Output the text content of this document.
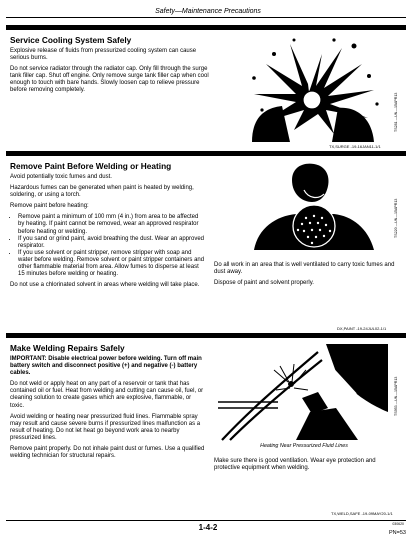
Safety—Maintenance Precautions
Service Cooling System Safely

Explosive release of fluids from pressurized cooling system can cause serious burns.

Do not service radiator through the radiator cap. Only fill through the surge tank filler cap. Shut off engine. Only remove surge tank filler cap when cool enough to touch with bare hands. Slowly loosen cap to relieve pressure before removing completely.

TS281 —UN—15APR13
TX,SURGE -19-16JAN11-1/1
Remove Paint Before Welding or Heating

Avoid potentially toxic fumes and dust.

Hazardous fumes can be generated when paint is heated by welding, soldering, or using a torch.

Remove paint before heating:

• Remove paint a minimum of 100 mm (4 in.) from area to be affected by heating. If paint cannot be removed, wear an approved respirator before heating or welding.
• If you sand or grind paint, avoid breathing the dust. Wear an approved respirator.
• If you use solvent or paint stripper, remove stripper with soap and water before welding. Remove solvent or paint stripper containers and other flammable material from area. Allow fumes to disperse at least 15 minutes before welding or heating.

Do not use a chlorinated solvent in areas where welding will take place.

TS220 —UN—15APR13

Do all work in an area that is well ventilated to carry toxic fumes and dust away.

Dispose of paint and solvent properly.

DX,PAINT -19-24JUL02-1/1
Make Welding Repairs Safely

IMPORTANT: Disable electrical power before welding. Turn off main battery switch and disconnect positive (+) and negative (-) battery cables.

Do not weld or apply heat on any part of a reservoir or tank that has contained oil or fuel. Heat from welding and cutting can cause oil, fuel, or cleaning solution to create gases which are explosive, flammable, or toxic.

Avoid welding or heating near pressurized fluid lines. Flammable spray may result and cause severe burns if pressurized lines malfunction as a result of heating. Do not let heat go beyond work area to nearby pressurized lines.

Remove paint properly. Do not inhale paint dust or fumes. Use a qualified welding technician for structural repairs.

Heating Near Pressurized Fluid Lines
TS953 —UN—15APR13

Make sure there is good ventilation. Wear eye protection and protective equipment when welding.

TX,WELD,SAFE -19-09MAY20-1/1
1-4-2	030620
PN=53
